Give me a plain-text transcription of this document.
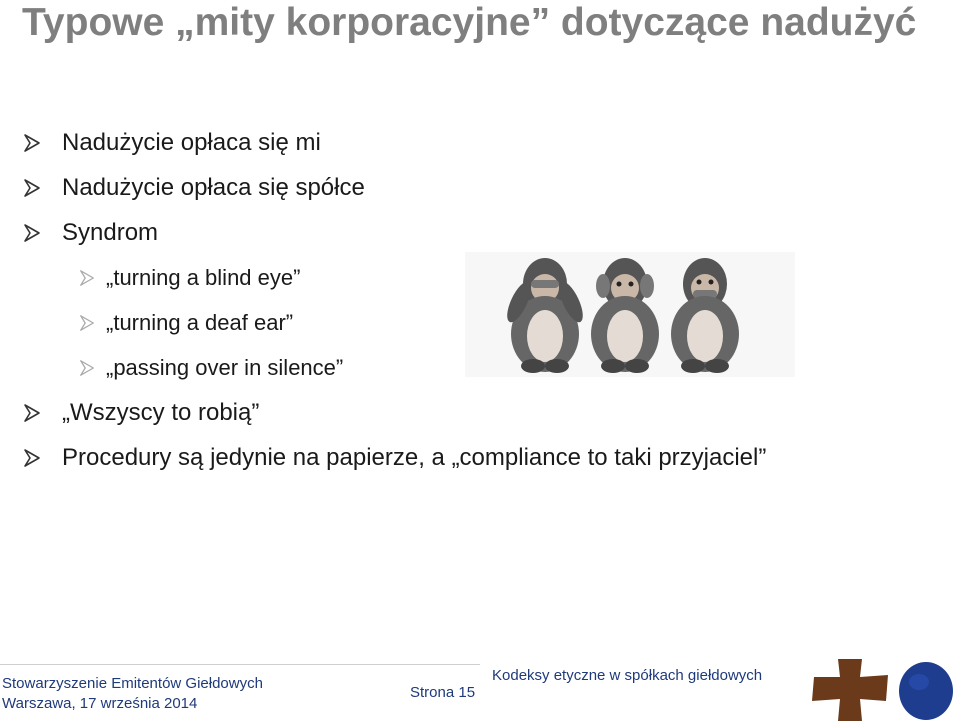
Typowe „mity korporacyjne” dotyczące nadużyć
Nadużycie opłaca się mi
Nadużycie opłaca się spółce
Syndrom
„turning a blind eye”
„turning a deaf ear”
„passing over in silence”
„Wszyscy to robią”
Procedury są jedynie na papierze, a „compliance to taki przyjaciel”
Stowarzyszenie Emitentów Giełdowych
Warszawa, 17 września 2014
Strona 15
Kodeksy etyczne w spółkach giełdowych
